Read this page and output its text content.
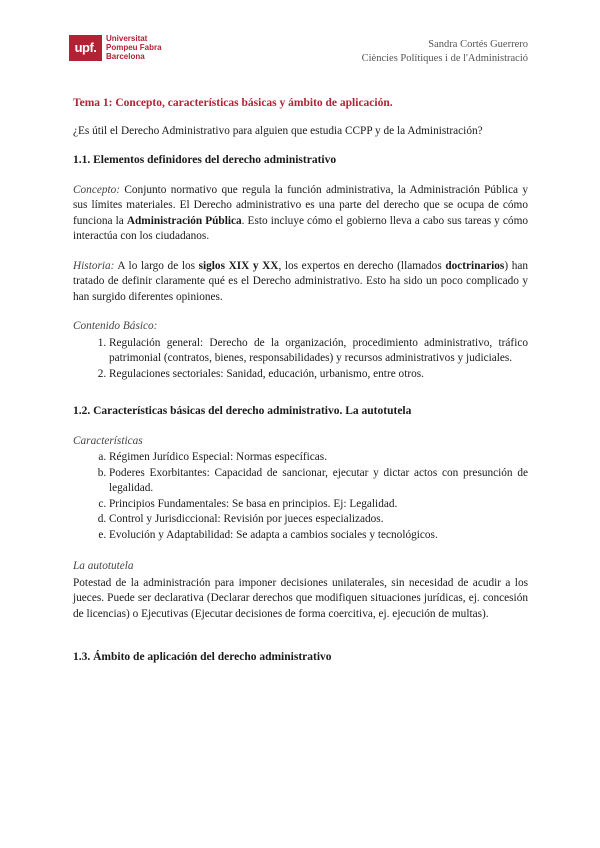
upf.
Universitat
Pompeu Fabra
Barcelona
Sandra Cortés Guerrero
Ciències Polítiques i de l'Administració
Tema 1: Concepto, características básicas y ámbito de aplicación.
¿Es útil el Derecho Administrativo para alguien que estudia CCPP y de la Administración?
1.1. Elementos definidores del derecho administrativo

Concepto: Conjunto normativo que regula la función administrativa, la Administración Pública y sus límites materiales. El Derecho administrativo es una parte del derecho que se ocupa de cómo funciona la Administración Pública. Esto incluye cómo el gobierno lleva a cabo sus tareas y cómo interactúa con los ciudadanos.

Historia: A lo largo de los siglos XIX y XX, los expertos en derecho (llamados doctrinarios) han tratado de definir claramente qué es el Derecho administrativo. Esto ha sido un poco complicado y han surgido diferentes opiniones.

Contenido Básico:
1. Regulación general: Derecho de la organización, procedimiento administrativo, tráfico patrimonial (contratos, bienes, responsabilidades) y recursos administrativos y judiciales.
2. Regulaciones sectoriales: Sanidad, educación, urbanismo, entre otros.
1.2. Características básicas del derecho administrativo. La autotutela
Características
a. Régimen Jurídico Especial: Normas específicas.
b. Poderes Exorbitantes: Capacidad de sancionar, ejecutar y dictar actos con presunción de legalidad.
c. Principios Fundamentales: Se basa en principios. Ej: Legalidad.
d. Control y Jurisdiccional: Revisión por jueces especializados.
e. Evolución y Adaptabilidad: Se adapta a cambios sociales y tecnológicos.
La autotutela

Potestad de la administración para imponer decisiones unilaterales, sin necesidad de acudir a los jueces. Puede ser declarativa (Declarar derechos que modifiquen situaciones jurídicas, ej. concesión de licencias) o Ejecutivas (Ejecutar decisiones de forma coercitiva, ej. ejecución de multas).

1.3. Ámbito de aplicación del derecho administrativo
